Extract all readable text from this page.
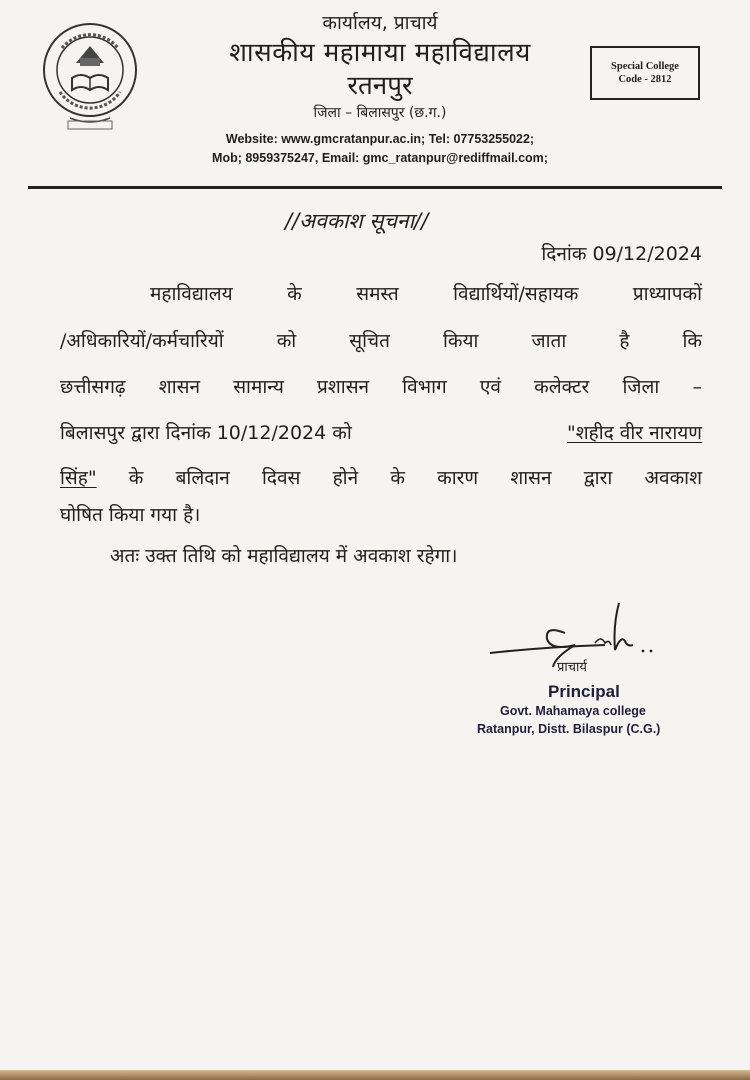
कार्यालय, प्राचार्य
शासकीय महामाया महाविद्यालय
रतनपुर
जिला – बिलासपुर (छ.ग.)
Website: www.gmcratanpur.ac.in; Tel: 07753255022;
Mob; 8959375247, Email: gmc_ratanpur@rediffmail.com;
Special College
Code - 2812
//अवकाश सूचना//
दिनांक 09/12/2024
महाविद्यालय के समस्त विद्यार्थियों/सहायक प्राध्यापकों
/अधिकारियों/कर्मचारियों को सूचित किया जाता है कि
छत्तीसगढ़ शासन सामान्य प्रशासन विभाग एवं कलेक्टर जिला –
बिलासपुर द्वारा दिनांक 10/12/2024 को	"शहीद वीर नारायण
सिंह" के बलिदान दिवस होने के कारण शासन द्वारा अवकाश
घोषित किया गया है।
अतः उक्त तिथि को महाविद्यालय में अवकाश रहेगा।
प्राचार्य
Principal
Govt. Mahamaya college
Ratanpur, Distt. Bilaspur (C.G.)
